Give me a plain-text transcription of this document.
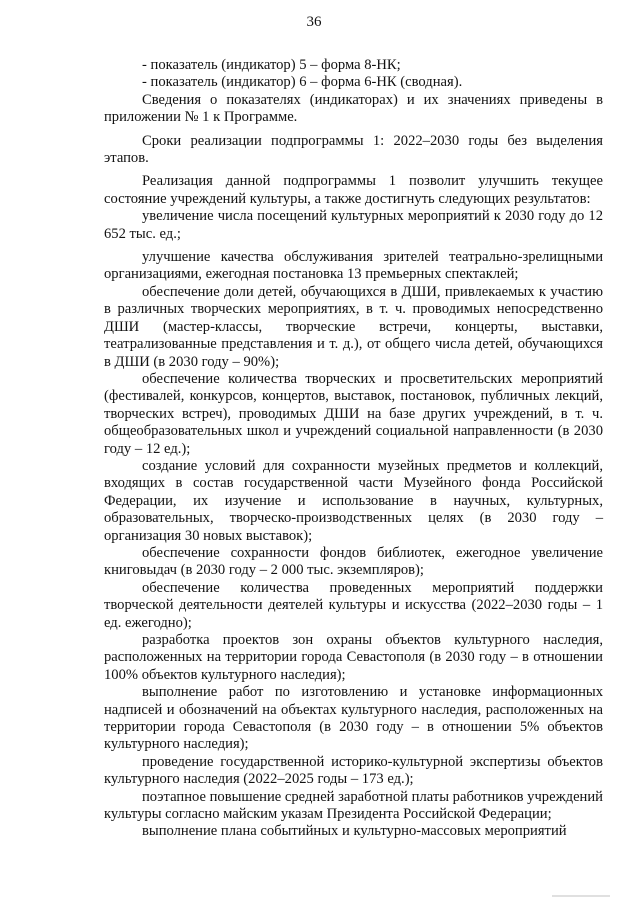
36

- показатель (индикатор) 5 – форма 8-НК;

- показатель (индикатор) 6 – форма 6-НК (сводная).

Сведения о показателях (индикаторах) и их значениях приведены в приложении № 1 к Программе.

Сроки реализации подпрограммы 1: 2022–2030 годы без выделения этапов.

Реализация данной подпрограммы 1 позволит улучшить текущее состояние учреждений культуры, а также достигнуть следующих результатов:

увеличение числа посещений культурных мероприятий к 2030 году до 12 652 тыс. ед.;

улучшение качества обслуживания зрителей театрально-зрелищными организациями, ежегодная постановка 13 премьерных спектаклей;

обеспечение доли детей, обучающихся в ДШИ, привлекаемых к участию в различных творческих мероприятиях, в т. ч. проводимых непосредственно ДШИ (мастер-классы, творческие встречи, концерты, выставки, театрализованные представления и т. д.), от общего числа детей, обучающихся в ДШИ (в 2030 году – 90%);

обеспечение количества творческих и просветительских мероприятий (фестивалей, конкурсов, концертов, выставок, постановок, публичных лекций, творческих встреч), проводимых ДШИ на базе других учреждений, в т. ч. общеобразовательных школ и учреждений социальной направленности (в 2030 году – 12 ед.);

создание условий для сохранности музейных предметов и коллекций, входящих в состав государственной части Музейного фонда Российской Федерации, их изучение и использование в научных, культурных, образовательных, творческо-производственных целях (в 2030 году – организация 30 новых выставок);

обеспечение сохранности фондов библиотек, ежегодное увеличение книговыдач (в 2030 году – 2 000 тыс. экземпляров);

обеспечение количества проведенных мероприятий поддержки творческой деятельности деятелей культуры и искусства (2022–2030 годы – 1 ед. ежегодно);

разработка проектов зон охраны объектов культурного наследия, расположенных на территории города Севастополя (в 2030 году – в отношении 100% объектов культурного наследия);

выполнение работ по изготовлению и установке информационных надписей и обозначений на объектах культурного наследия, расположенных на территории города Севастополя (в 2030 году – в отношении 5% объектов культурного наследия);

проведение государственной историко-культурной экспертизы объектов культурного наследия (2022–2025 годы – 173 ед.);

поэтапное повышение средней заработной платы работников учреждений культуры согласно майским указам Президента Российской Федерации;

выполнение плана событийных и культурно-массовых мероприятий
